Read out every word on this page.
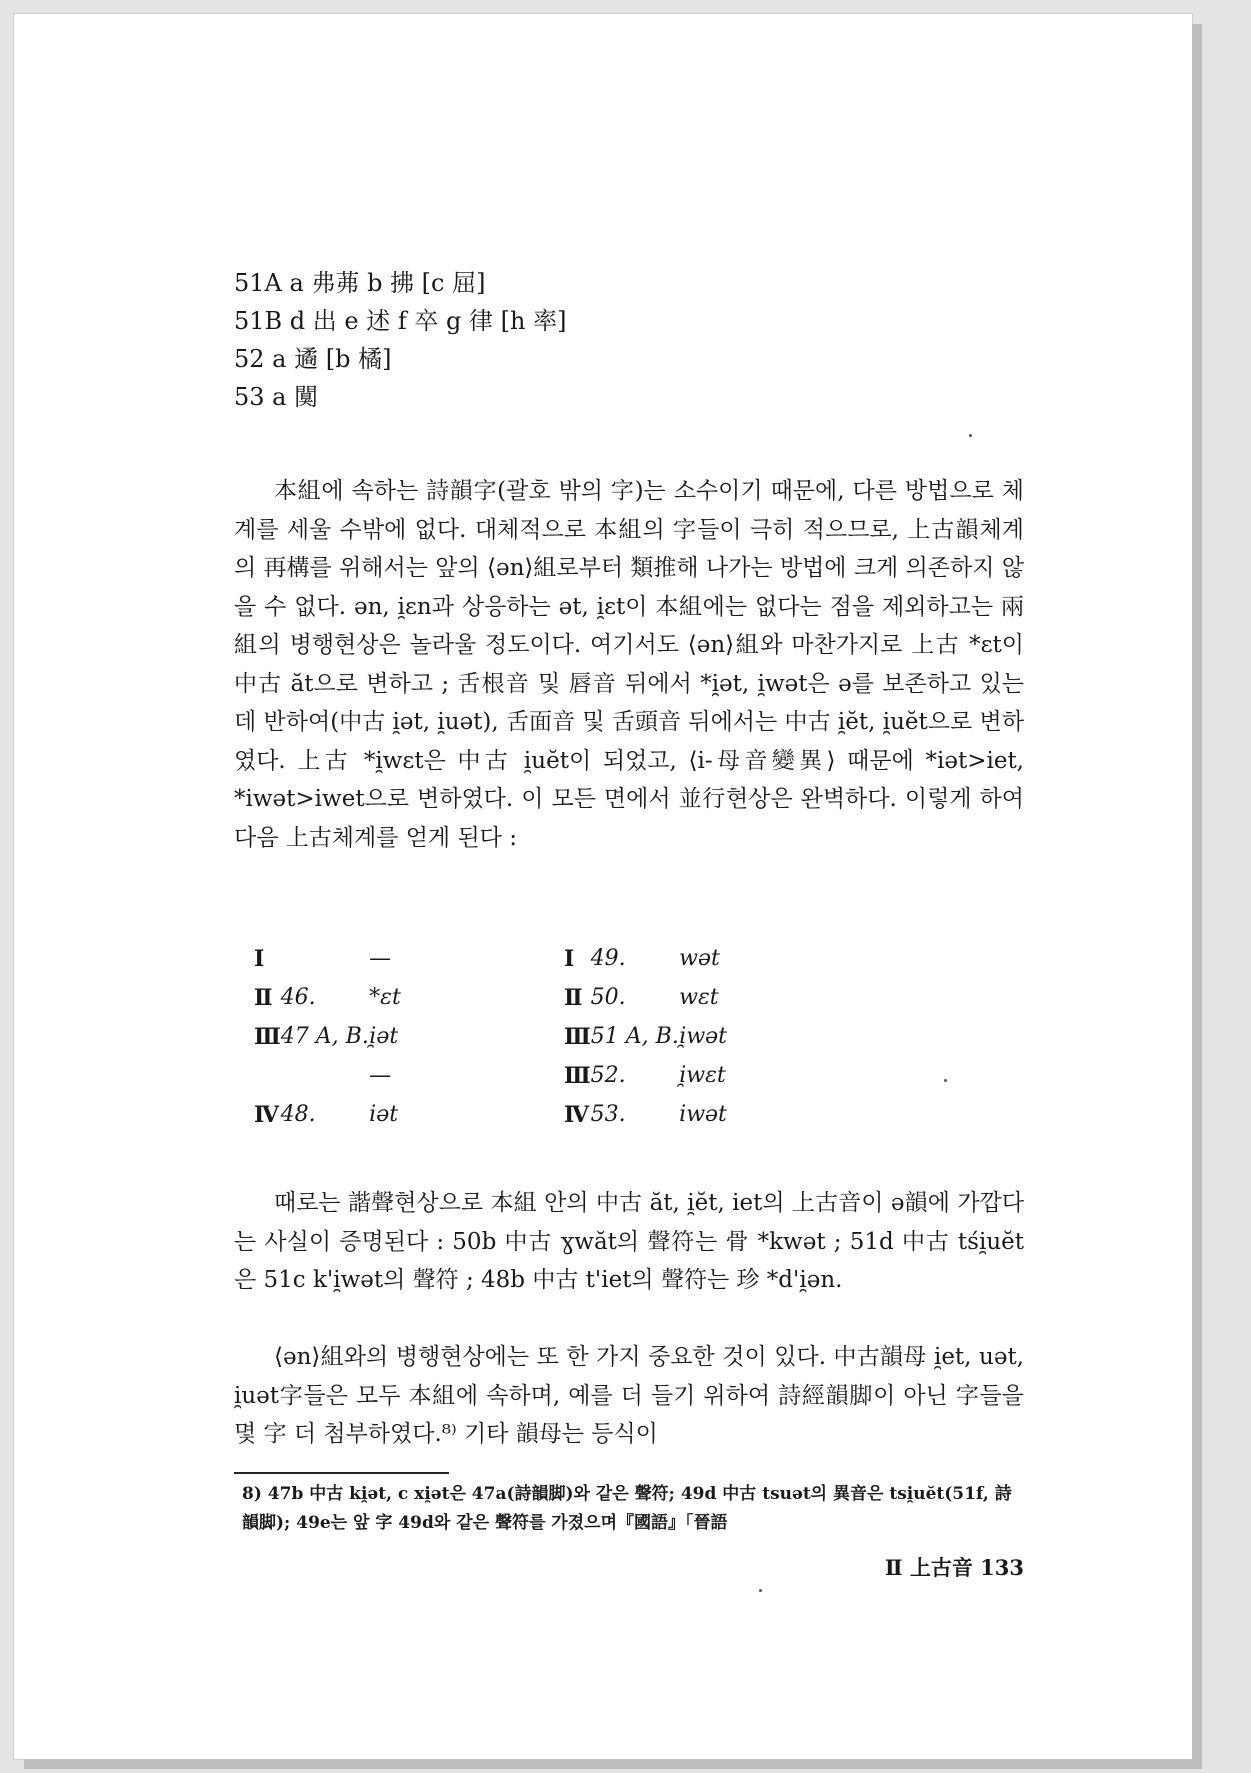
51A a 弗茀 b 拂 [c 屈]
51B d 出 e 述 f 卒 g 律 [h 率]
52 a 遹 [b 橘]
53 a 闃

本組에 속하는 詩韻字(괄호 밖의 字)는 소수이기 때문에, 다른 방법으로 체계를 세울 수밖에 없다. 대체적으로 本組의 字들이 극히 적으므로, 上古韻체계의 再構를 위해서는 앞의 ⟨ən⟩組로부터 類推해 나가는 방법에 크게 의존하지 않을 수 없다. ən, i̯ɛn과 상응하는 ət, i̯ɛt이 本組에는 없다는 점을 제외하고는 兩組의 병행현상은 놀라울 정도이다. 여기서도 ⟨ən⟩組와 마찬가지로 上古 *ɛt이 中古 ăt으로 변하고 ; 舌根音 및 唇音 뒤에서 *i̯ət, i̯wət은 ə를 보존하고 있는데 반하여(中古 i̯ət, i̯uət), 舌面音 및 舌頭音 뒤에서는 中古 i̯ĕt, i̯uĕt으로 변하였다. 上古 *i̯wɛt은 中古 i̯uĕt이 되었고, ⟨i-母音變異⟩ 때문에 *iət>iet, *iwət>iwet으로 변하였다. 이 모든 면에서 並行현상은 완벽하다. 이렇게 하여 다음 上古체계를 얻게 된다 :

Ⅰ	—	Ⅰ 49.	wət
Ⅱ 46.	*ɛt	Ⅱ 50.	wɛt
Ⅲ 47 A, B. i̯ət	Ⅲ 51 A, B. i̯wət
—	Ⅲ 52.	i̯wɛt
Ⅳ 48.	iət	Ⅳ 53.	iwət

때로는 諧聲현상으로 本組 안의 中古 ăt, i̯ĕt, iet의 上古音이 ə韻에 가깝다는 사실이 증명된다 : 50b 中古 ɣwăt의 聲符는 骨 *kwət ; 51d 中古 tśi̯uĕt은 51c k'i̯wət의 聲符 ; 48b 中古 t'iet의 聲符는 珍 *d'i̯ən.

⟨ən⟩組와의 병행현상에는 또 한 가지 중요한 것이 있다. 中古韻母 i̯et, uət, i̯uət字들은 모두 本組에 속하며, 예를 더 들기 위하여 詩經韻脚이 아닌 字들을 몇 字 더 첨부하였다.⁸⁾ 기타 韻母는 등식이

8) 47b 中古 ki̯ət, c xi̯ət은 47a(詩韻脚)와 같은 聲符; 49d 中古 tsuət의 異音은 tsi̯uĕt(51f, 詩韻脚); 49e는 앞 字 49d와 같은 聲符를 가졌으며『國語』「晉語
Ⅱ 上古音 133
